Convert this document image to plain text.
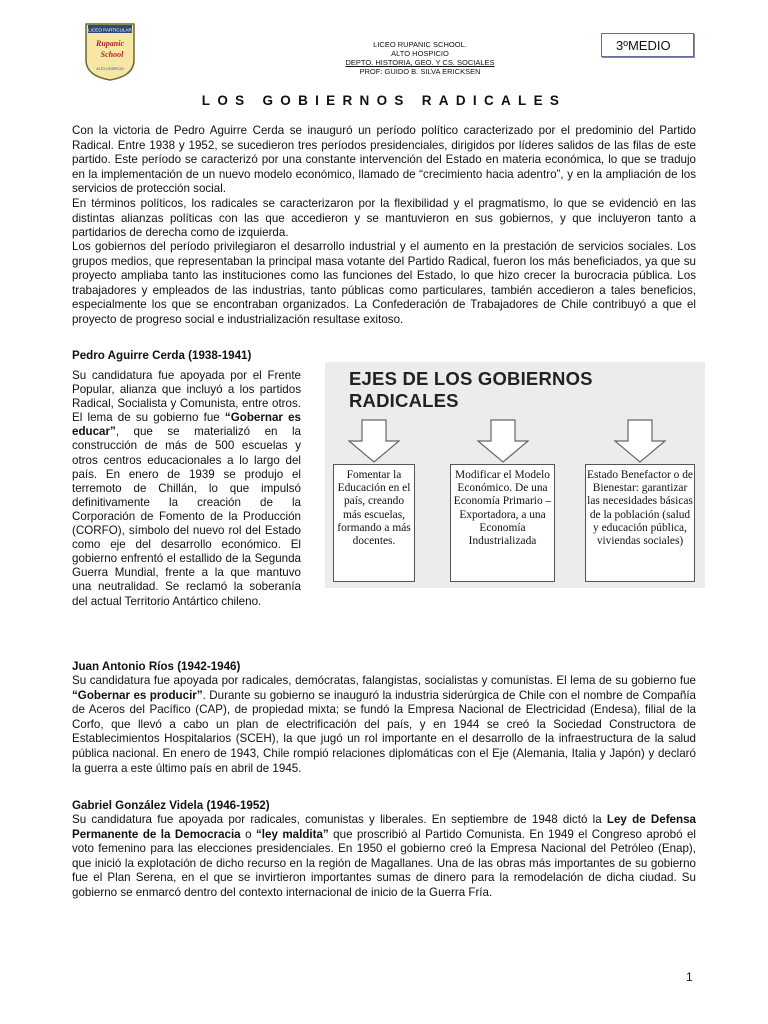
LICEO PARTICULAR
Rupanic
School
ALTO HOSPICIO
LICEO RUPANIC SCHOOL.
ALTO HOSPICIO
DEPTO. HISTORIA, GEO. Y CS. SOCIALES
PROF: GUIDO B. SILVA ERICKSEN
3ºMEDIO
LOS GOBIERNOS RADICALES
Con la victoria de Pedro Aguirre Cerda se inauguró un período político caracterizado por el predominio del Partido Radical. Entre 1938 y 1952, se sucedieron tres períodos presidenciales, dirigidos por líderes salidos de las filas de este partido. Este período se caracterizó por una constante intervención del Estado en materia económica, lo que se tradujo en la implementación de un nuevo modelo económico, llamado de “crecimiento hacia adentro”, y en la ampliación de los servicios de protección social.
En términos políticos, los radicales se caracterizaron por la flexibilidad y el pragmatismo, lo que se evidenció en las distintas alianzas políticas con las que accedieron y se mantuvieron en sus gobiernos, y que incluyeron tanto a partidarios de derecha como de izquierda.

Los gobiernos del período privilegiaron el desarrollo industrial y el aumento en la prestación de servicios sociales. Los grupos medios, que representaban la principal masa votante del Partido Radical, fueron los más beneficiados, ya que su proyecto ampliaba tanto las instituciones como las funciones del Estado, lo que hizo crecer la burocracia pública. Los trabajadores y empleados de las industrias, tanto públicas como particulares, también accedieron a tales beneficios, especialmente los que se encontraban organizados. La Confederación de Trabajadores de Chile contribuyó a que el proyecto de progreso social e industrialización resultase exitoso.

Pedro Aguirre Cerda (1938-1941)

Su candidatura fue apoyada por el Frente Popular, alianza que incluyó a los partidos Radical, Socialista y Comunista, entre otros. El lema de su gobierno fue “Gobernar es educar”, que se materializó en la construcción de más de 500 escuelas y otros centros educacionales a lo largo del país. En enero de 1939 se produjo el terremoto de Chillán, lo que impulsó definitivamente la creación de la Corporación de Fomento de la Producción (CORFO), símbolo del nuevo rol del Estado como eje del desarrollo económico. El gobierno enfrentó el estallido de la Segunda Guerra Mundial, frente a la que mantuvo una neutralidad. Se reclamó la soberanía del actual Territorio Antártico chileno.

EJES DE LOS GOBIERNOS RADICALES
Fomentar la Educación en el país, creando más escuelas, formando a más docentes.
Modificar el Modelo Económico. De una Economía Primario – Exportadora, a una Economía Industrializada
Estado Benefactor o de Bienestar: garantizar las necesidades básicas de la población (salud y educación pública, viviendas sociales)

Juan Antonio Ríos (1942-1946)

Su candidatura fue apoyada por radicales, demócratas, falangistas, socialistas y comunistas. El lema de su gobierno fue “Gobernar es producir”. Durante su gobierno se inauguró la industria siderúrgica de Chile con el nombre de Compañía de Aceros del Pacífico (CAP), de propiedad mixta; se fundó la Empresa Nacional de Electricidad (Endesa), filial de la Corfo, que llevó a cabo un plan de electrificación del país, y en 1944 se creó la Sociedad Constructora de Establecimientos Hospitalarios (SCEH), la que jugó un rol importante en el desarrollo de la infraestructura de la salud pública nacional. En enero de 1943, Chile rompió relaciones diplomáticas con el Eje (Alemania, Italia y Japón) y declaró la guerra a este último país en abril de 1945.

Gabriel González Videla (1946-1952)

Su candidatura fue apoyada por radicales, comunistas y liberales. En septiembre de 1948 dictó la Ley de Defensa Permanente de la Democracia o “ley maldita” que proscribió al Partido Comunista. En 1949 el Congreso aprobó el voto femenino para las elecciones presidenciales. En 1950 el gobierno creó la Empresa Nacional del Petróleo (Enap), que inició la explotación de dicho recurso en la región de Magallanes. Una de las obras más importantes de su gobierno fue el Plan Serena, en el que se invirtieron importantes sumas de dinero para la remodelación de dicha ciudad. Su gobierno se enmarcó dentro del contexto internacional de inicio de la Guerra Fría.

1
